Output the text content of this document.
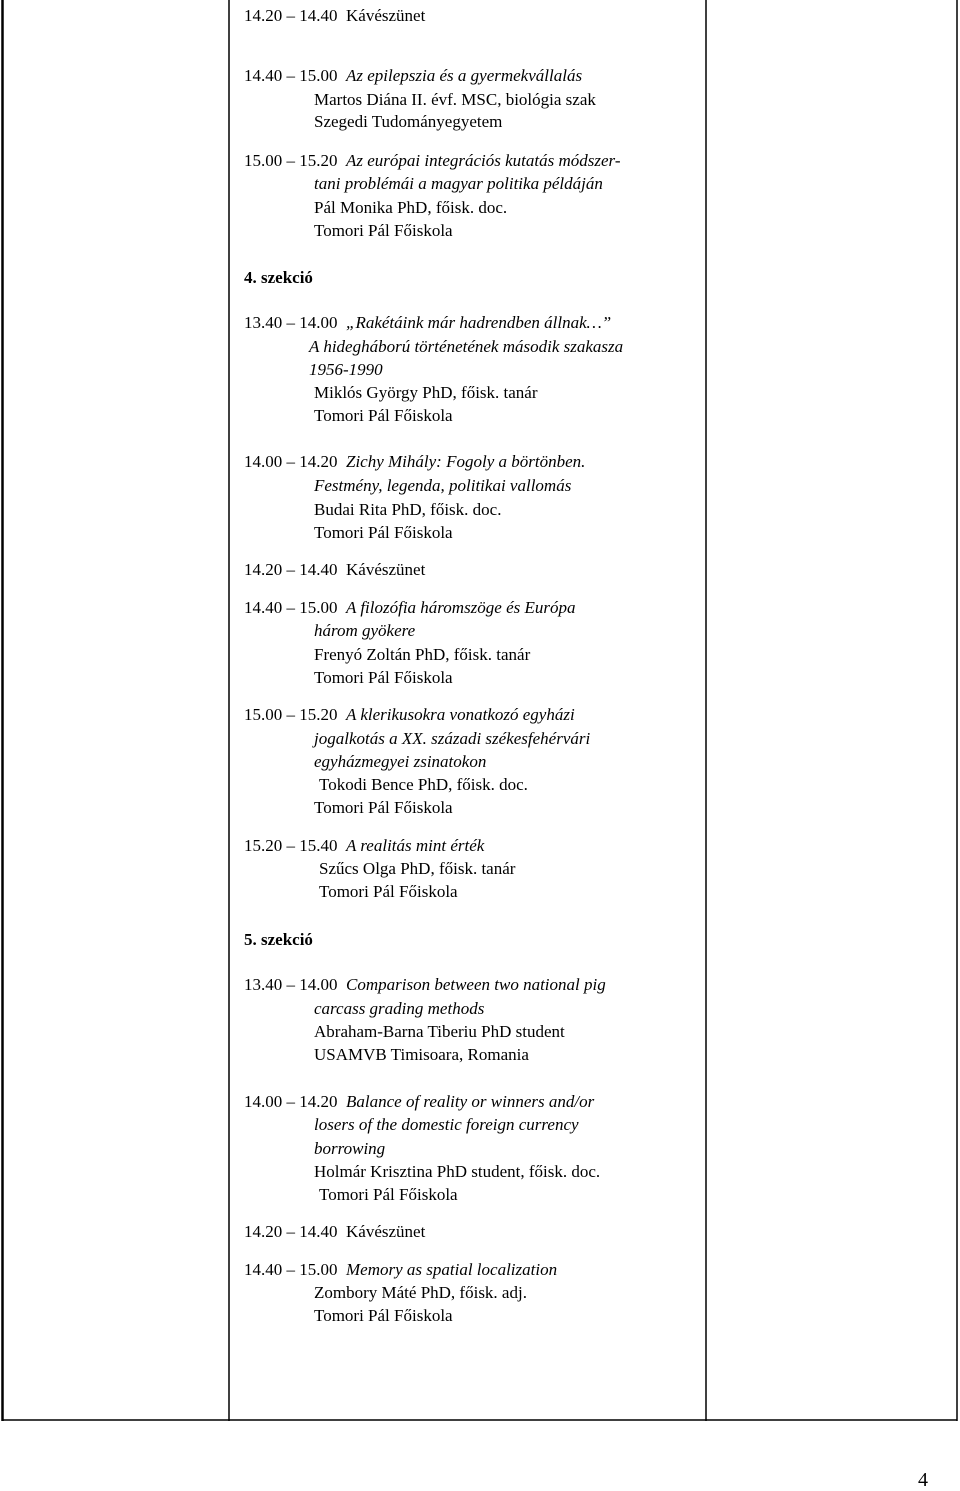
14.20 – 14.40 Kávészünet
14.40 – 15.00 Az epilepszia és a gyermekvállalás
Martos Diána II. évf. MSC, biológia szak
Szegedi Tudományegyetem
15.00 – 15.20 Az európai integrációs kutatás módszer-
tani problémái a magyar politika példáján
Pál Monika PhD, főisk. doc.
Tomori Pál Főiskola
4. szekció
13.40 – 14.00 „Rakétáink már hadrendben állnak…”
A hidegháború történetének második szakasza
1956-1990
Miklós György PhD, főisk. tanár
Tomori Pál Főiskola
14.00 – 14.20 Zichy Mihály: Fogoly a börtönben.
Festmény, legenda, politikai vallomás
Budai Rita PhD, főisk. doc.
Tomori Pál Főiskola
14.20 – 14.40 Kávészünet
14.40 – 15.00 A filozófia háromszöge és Európa
három gyökere
Frenyó Zoltán PhD, főisk. tanár
Tomori Pál Főiskola
15.00 – 15.20 A klerikusokra vonatkozó egyházi
jogalkotás a XX. századi székesfehérvári
egyházmegyei zsinatokon
Tokodi Bence PhD, főisk. doc.
Tomori Pál Főiskola
15.20 – 15.40 A realitás mint érték
Szűcs Olga PhD, főisk. tanár
Tomori Pál Főiskola
5. szekció
13.40 – 14.00 Comparison between two national pig
carcass grading methods
Abraham-Barna Tiberiu PhD student
USAMVB Timisoara, Romania
14.00 – 14.20 Balance of reality or winners and/or
losers of the domestic foreign currency
borrowing
Holmár Krisztina PhD student, főisk. doc.
Tomori Pál Főiskola
14.20 – 14.40 Kávészünet
14.40 – 15.00 Memory as spatial localization
Zombory Máté PhD, főisk. adj.
Tomori Pál Főiskola
4
